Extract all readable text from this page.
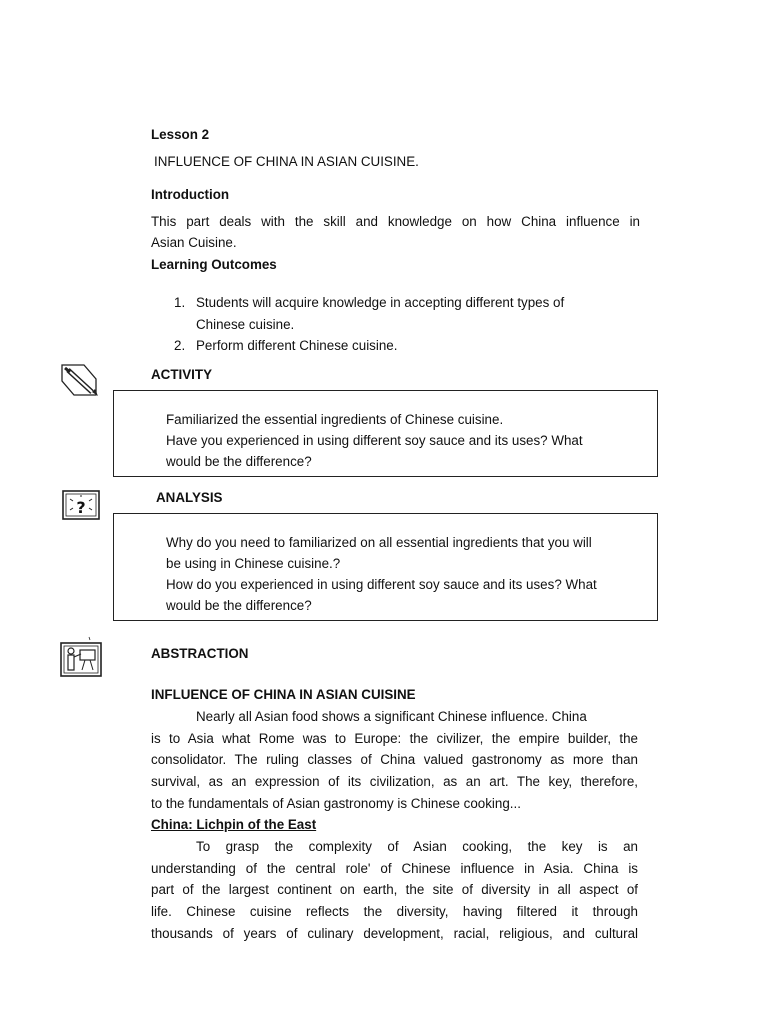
Lesson 2
INFLUENCE OF CHINA IN ASIAN CUISINE.
Introduction
This part deals with the skill and knowledge on how China influence in
Asian Cuisine.
Learning Outcomes
1. Students will acquire knowledge in accepting different types of
Chinese cuisine.
2. Perform different Chinese cuisine.
ACTIVITY
Familiarized the essential ingredients of Chinese cuisine.
Have you experienced in using different soy sauce and its uses? What
would be the difference?
?
ANALYSIS
Why do you need to familiarized on all essential ingredients that you will
be using in Chinese cuisine.?
How do you experienced in using different soy sauce and its uses? What
would be the difference?
ABSTRACTION
INFLUENCE OF CHINA IN ASIAN CUISINE
Nearly all Asian food shows a significant Chinese influence. China
is to Asia what Rome was to Europe: the civilizer, the empire builder, the
consolidator. The ruling classes of China valued gastronomy as more than
survival, as an expression of its civilization, as an art. The key, therefore,
to the fundamentals of Asian gastronomy is Chinese cooking...
China: Lichpin of the East
To grasp the complexity of Asian cooking, the key is an
understanding of the central role' of Chinese influence in Asia. China is
part of the largest continent on earth, the site of diversity in all aspect of
life. Chinese cuisine reflects the diversity, having filtered it through
thousands of years of culinary development, racial, religious, and cultural
